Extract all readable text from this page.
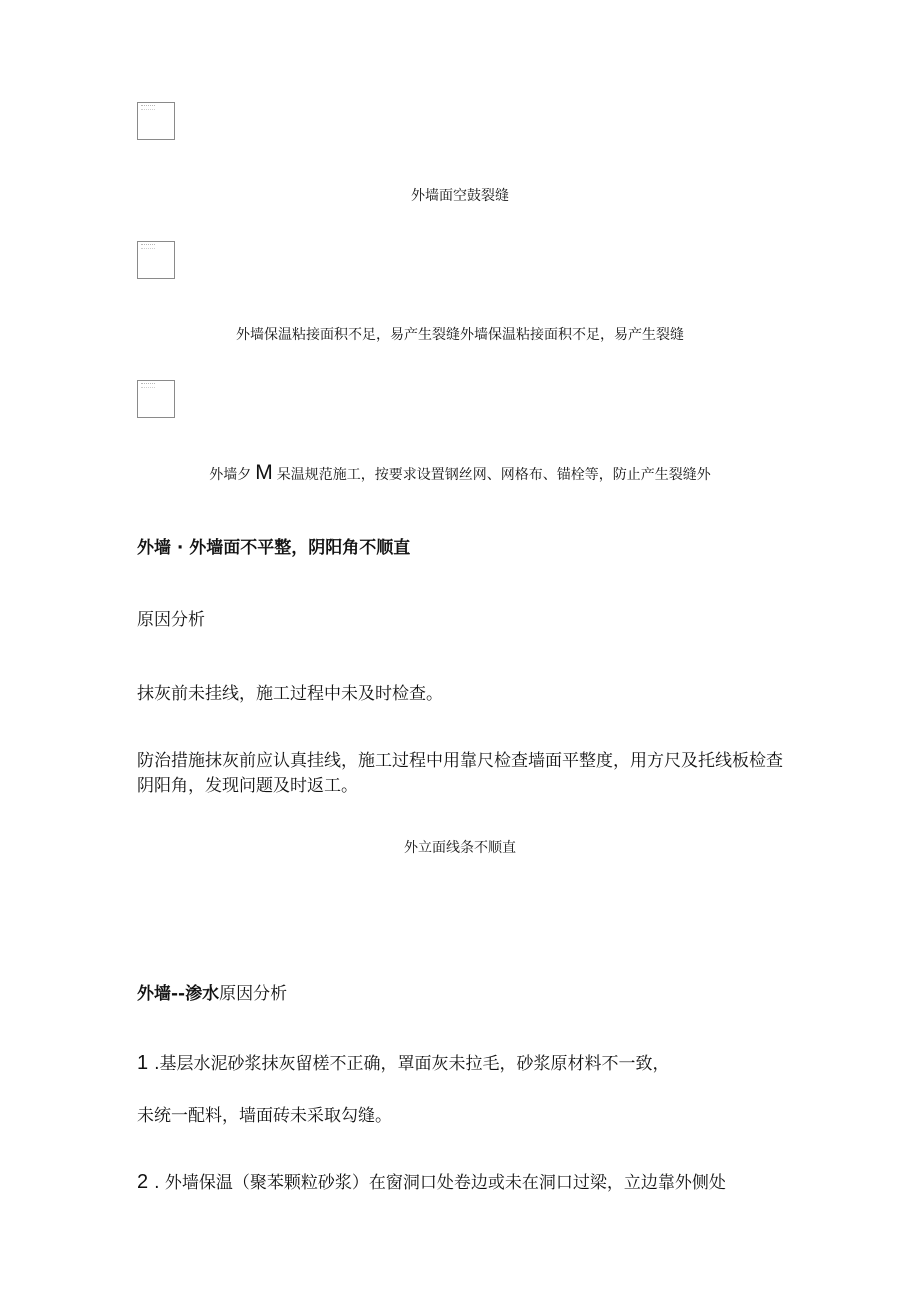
外墙面空鼓裂缝
外墙保温粘接面积不足，易产生裂缝外墙保温粘接面积不足，易产生裂缝
外墙夕 M 呆温规范施工，按要求设置钢丝网、网格布、锚栓等，防止产生裂缝外
外墙 · 外墙面不平整，阴阳角不顺直
原因分析
抹灰前未挂线，施工过程中未及时检查。
防治措施抹灰前应认真挂线，施工过程中用靠尺检查墙面平整度，用方尺及托线板检查阴阳角，发现问题及时返工。
外立面线条不顺直
外墙--渗水原因分析
1 .基层水泥砂浆抹灰留槎不正确，罩面灰未拉毛，砂浆原材料不一致，
未统一配料，墙面砖未采取勾缝。
2 . 外墙保温（聚苯颗粒砂浆）在窗洞口处卷边或未在洞口过梁，立边靠外侧处
